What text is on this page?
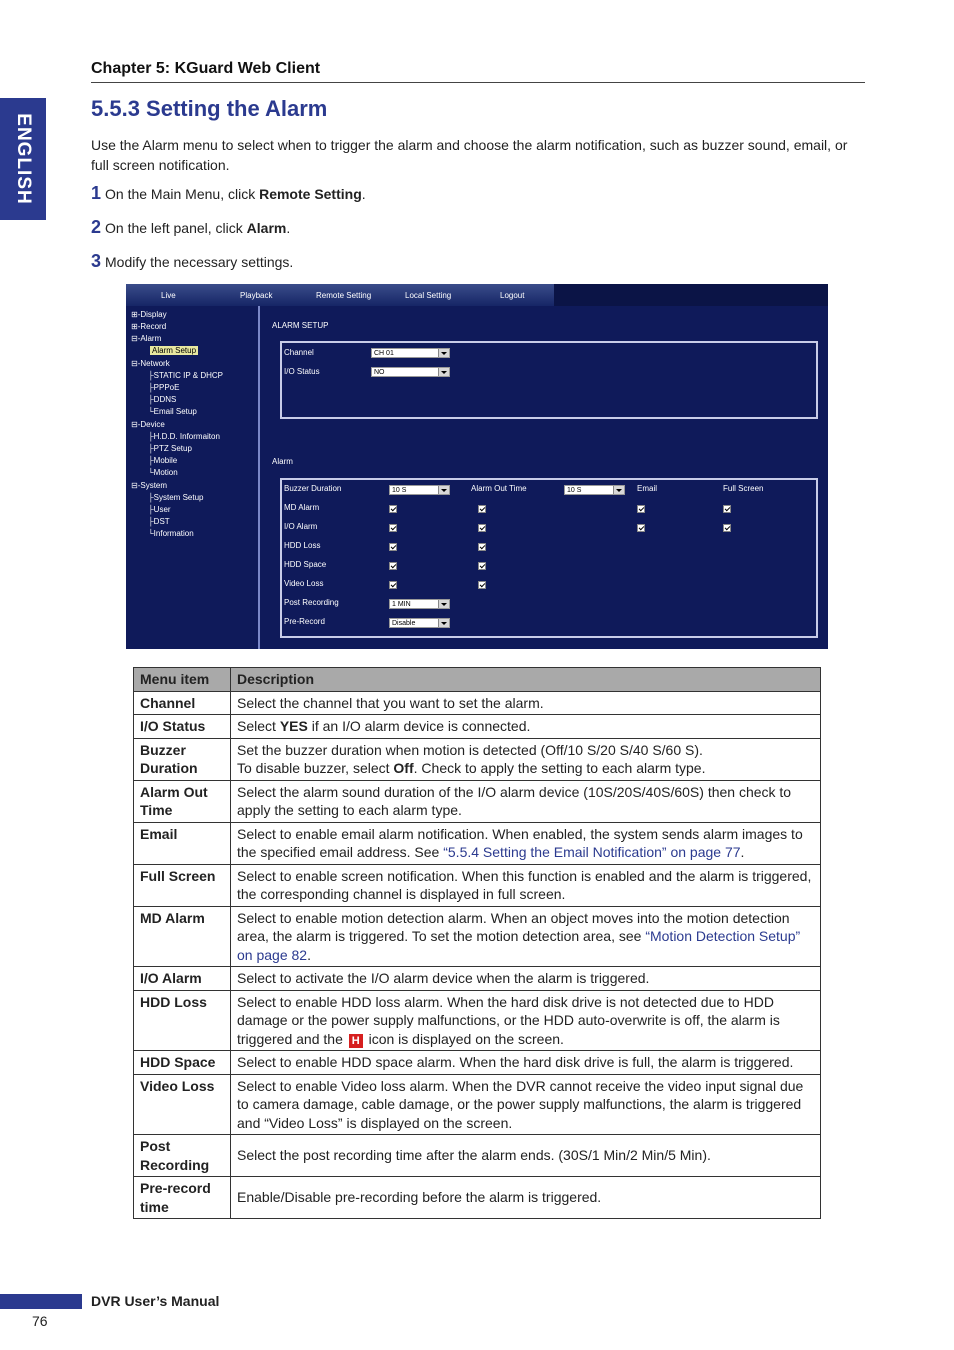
ENGLISH
Chapter 5: KGuard Web Client
5.5.3 Setting the Alarm
Use the Alarm menu to select when to trigger the alarm and choose the alarm notification, such as buzzer sound, email, or full screen notification.
1 On the Main Menu, click Remote Setting.
2 On the left panel, click Alarm.
3 Modify the necessary settings.
Live	Playback	Remote Setting	Local Setting	Logout
⊞-Display
⊞-Record
⊟-Alarm
Alarm Setup
⊟-Network
├STATIC IP & DHCP
├PPPoE
├DDNS
└Email Setup
⊟-Device
├H.D.D. Informaiton
├PTZ Setup
├Mobile
└Motion
⊟-System
├System Setup
├User
├DST
└Information
ALARM SETUP
Channel	CH 01
I/O Status	NO
Alarm
Buzzer Duration	10 S	Alarm Out Time	10 S	Email	Full Screen
MD Alarm
I/O Alarm
HDD Loss
HDD Space
Video Loss
Post Recording	1 MIN
Pre-Record	Disable
Menu item	Description
Channel	Select the channel that you want to set the alarm.
I/O Status	Select YES if an I/O alarm device is connected.
Buzzer Duration	Set the buzzer duration when motion is detected (Off/10 S/20 S/40 S/60 S).
To disable buzzer, select Off. Check to apply the setting to each alarm type.
Alarm Out Time	Select the alarm sound duration of the I/O alarm device (10S/20S/40S/60S) then check to apply the setting to each alarm type.
Email	Select to enable email alarm notification. When enabled, the system sends alarm images to the specified email address. See “5.5.4 Setting the Email Notification” on page 77.
Full Screen	Select to enable screen notification. When this function is enabled and the alarm is triggered, the corresponding channel is displayed in full screen.
MD Alarm	Select to enable motion detection alarm. When an object moves into the motion detection area, the alarm is triggered. To set the motion detection area, see “Motion Detection Setup” on page 82.
I/O Alarm	Select to activate the I/O alarm device when the alarm is triggered.
HDD Loss	Select to enable HDD loss alarm. When the hard disk drive is not detected due to HDD damage or the power supply malfunctions, or the HDD auto-overwrite is off, the alarm is triggered and the H icon is displayed on the screen.
HDD Space	Select to enable HDD space alarm. When the hard disk drive is full, the alarm is triggered.
Video Loss	Select to enable Video loss alarm. When the DVR cannot receive the video input signal due to camera damage, cable damage, or the power supply malfunctions, the alarm is triggered and “Video Loss” is displayed on the screen.
Post Recording	Select the post recording time after the alarm ends. (30S/1 Min/2 Min/5 Min).
Pre-record time	Enable/Disable pre-recording before the alarm is triggered.
DVR User’s Manual
76
